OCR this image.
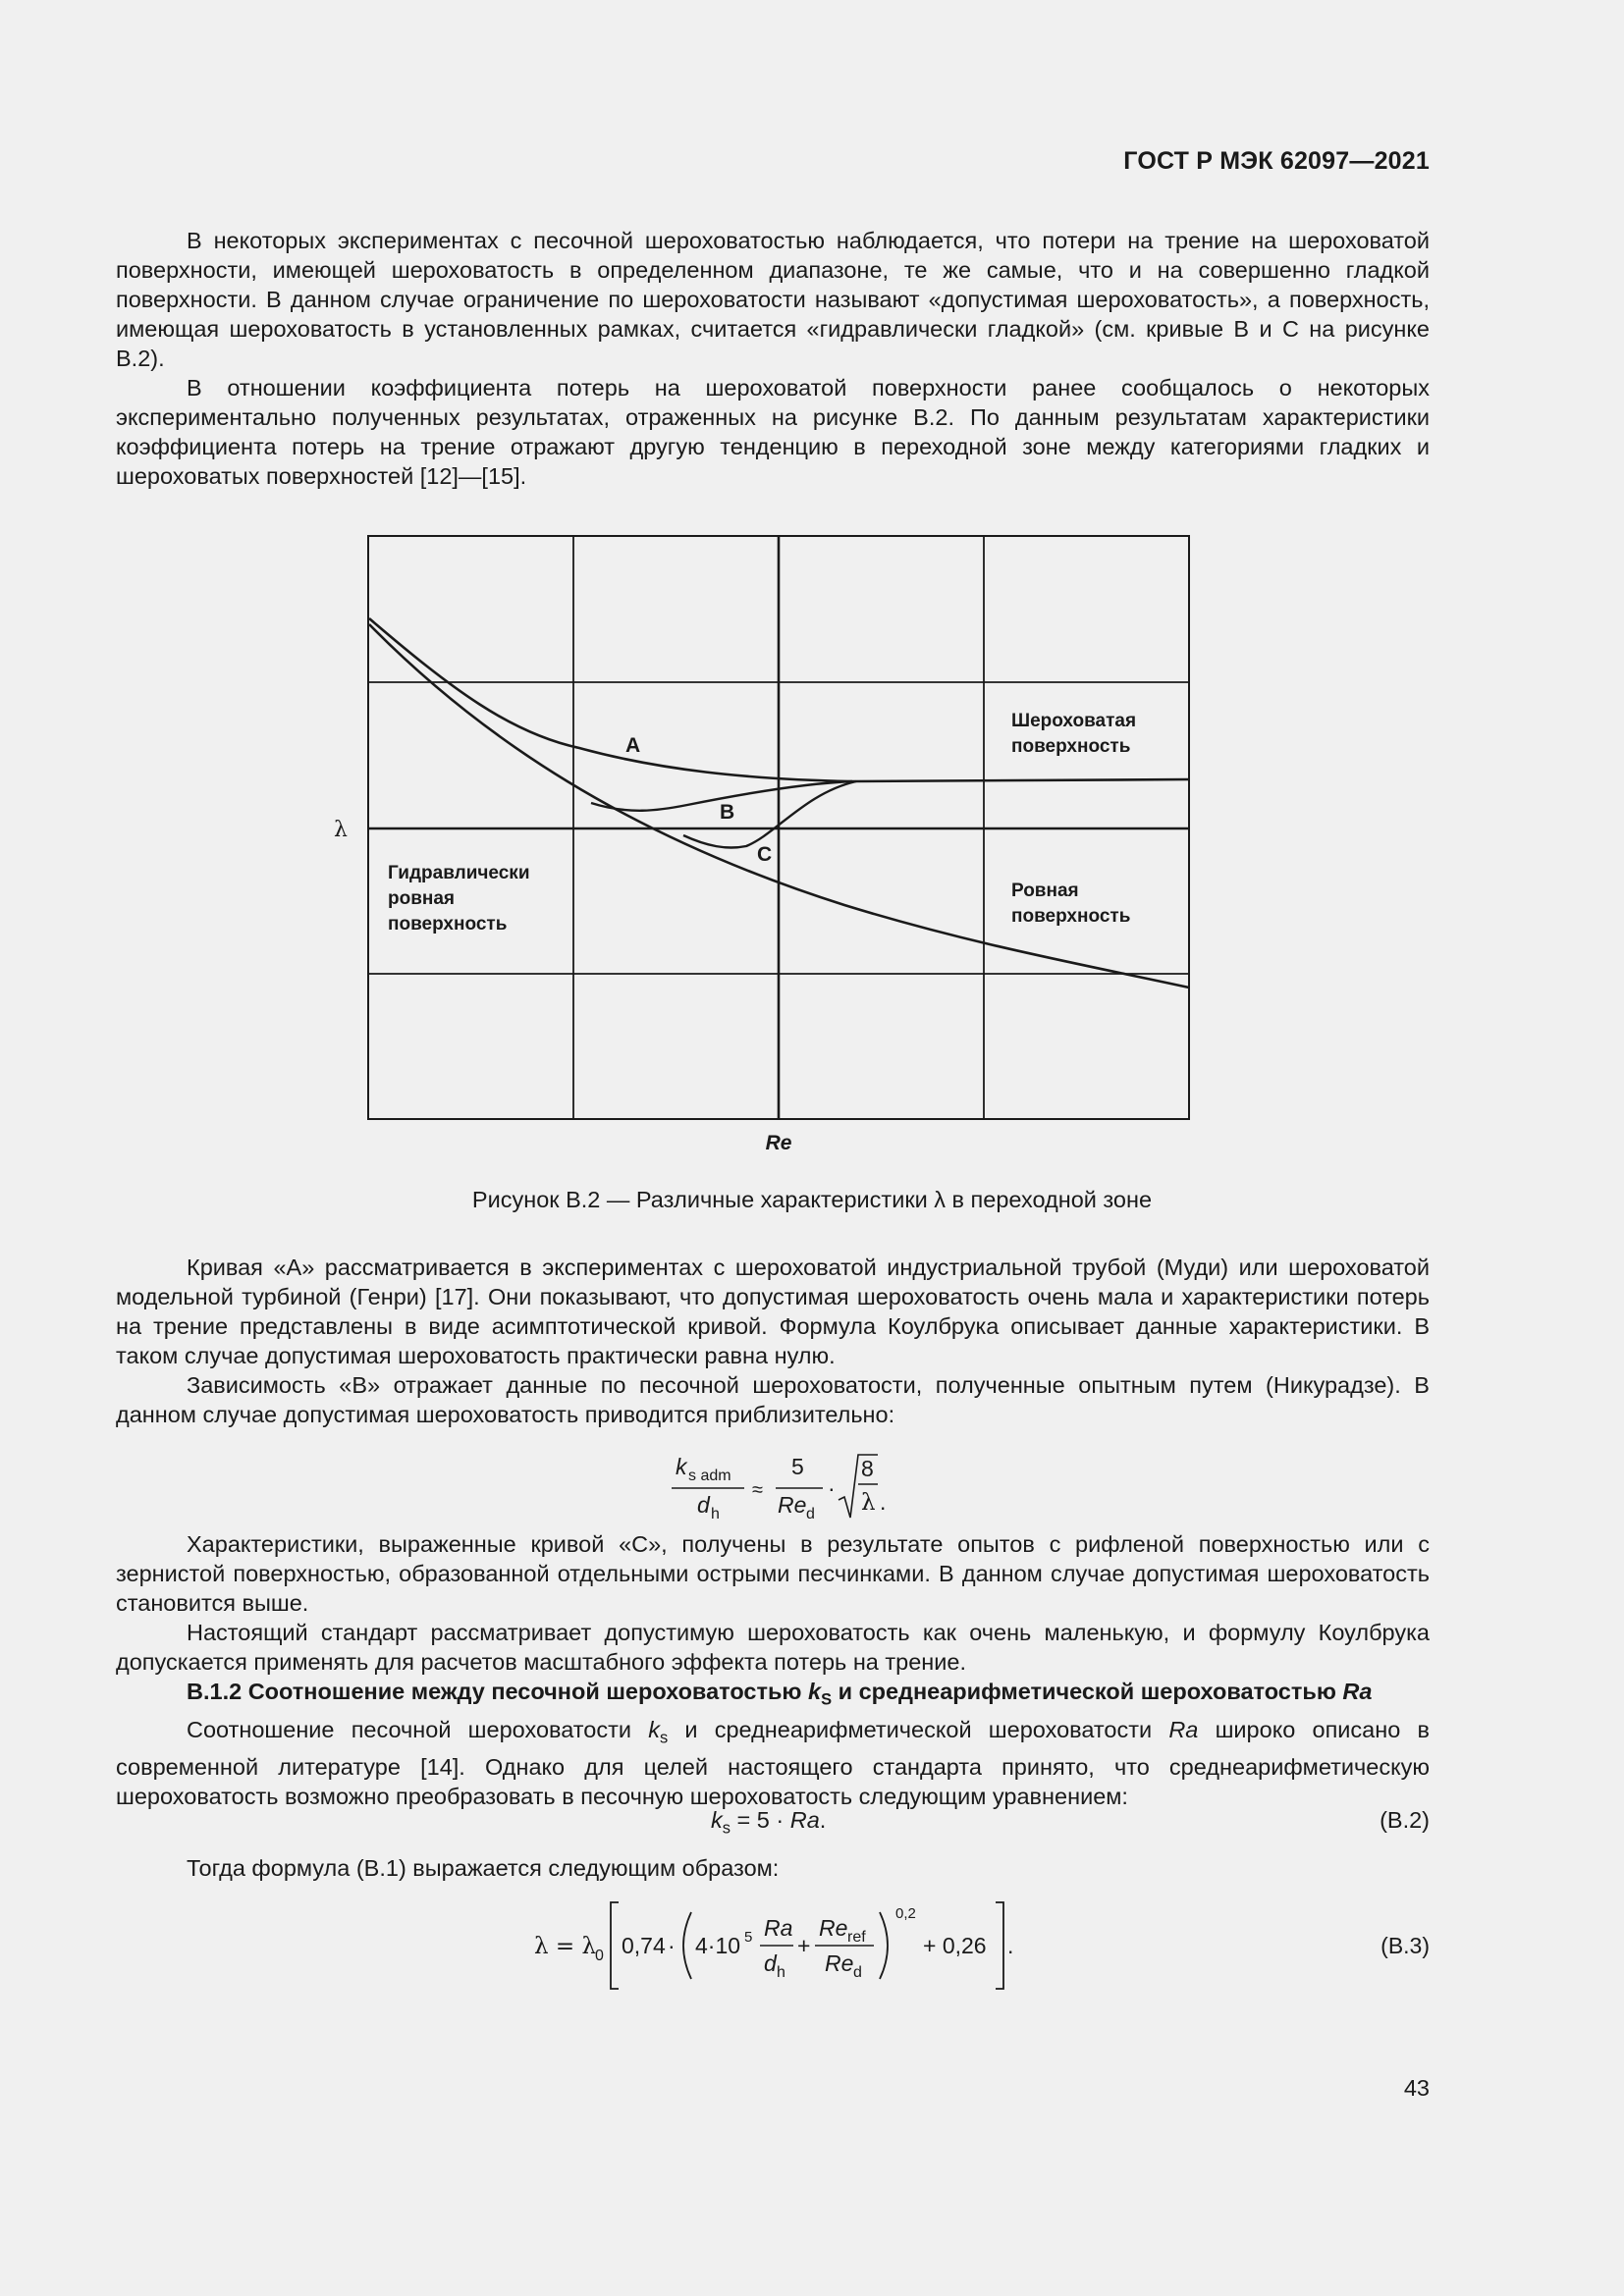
ГОСТ Р МЭК 62097—2021

В некоторых экспериментах с песочной шероховатостью наблюдается, что потери на трение на шероховатой поверхности, имеющей шероховатость в определенном диапазоне, те же самые, что и на совершенно гладкой поверхности. В данном случае ограничение по шероховатости называют «допустимая шероховатость», а поверхность, имеющая шероховатость в установленных рамках, считается «гидравлически гладкой» (см. кривые B и C на рисунке B.2).

В отношении коэффициента потерь на шероховатой поверхности ранее сообщалось о некоторых экспериментально полученных результатах, отраженных на рисунке B.2. По данным результатам характеристики коэффициента потерь на трение отражают другую тенденцию в переходной зоне между категориями гладких и шероховатых поверхностей [12]—[15].

λ
Re
A
B
C
Шероховатая
поверхность
Гидравлически
ровная
поверхность
Ровная
поверхность
Рисунок B.2 — Различные характеристики λ в переходной зоне

Кривая «A» рассматривается в экспериментах с шероховатой индустриальной трубой (Муди) или шероховатой модельной турбиной (Генри) [17]. Они показывают, что допустимая шероховатость очень мала и характеристики потерь на трение представлены в виде асимптотической кривой. Формула Коулбрука описывает данные характеристики. В таком случае допустимая шероховатость практически равна нулю.

Зависимость «B» отражает данные по песочной шероховатости, полученные опытным путем (Никурадзе). В данном случае допустимая шероховатость приводится приблизительно:

k s adm
d h
≈
5
Re d
·
8
λ .

Характеристики, выраженные кривой «C», получены в результате опытов с рифленой поверхностью или с зернистой поверхностью, образованной отдельными острыми песчинками. В данном случае допустимая шероховатость становится выше.

Настоящий стандарт рассматривает допустимую шероховатость как очень маленькую, и формулу Коулбрука допускается применять для расчетов масштабного эффекта потерь на трение.

B.1.2 Соотношение между песочной шероховатостью $k_S$ и среднеарифметической шероховатостью Ra

Соотношение песочной шероховатости $k_s$ и среднеарифметической шероховатости Ra широко описано в современной литературе [14]. Однако для целей настоящего стандарта принято, что среднеарифметическую шероховатость возможно преобразовать в песочную шероховатость следующим уравнением:

$k_s = 5 \cdot Ra$.	(B.2)

Тогда формула (B.1) выражается следующим образом:

λ = λ
0 0,74 · 4·10 5 Ra
d h
+
Re ref
Re d
0,2
+ 0,26 .	(B.3)
43
